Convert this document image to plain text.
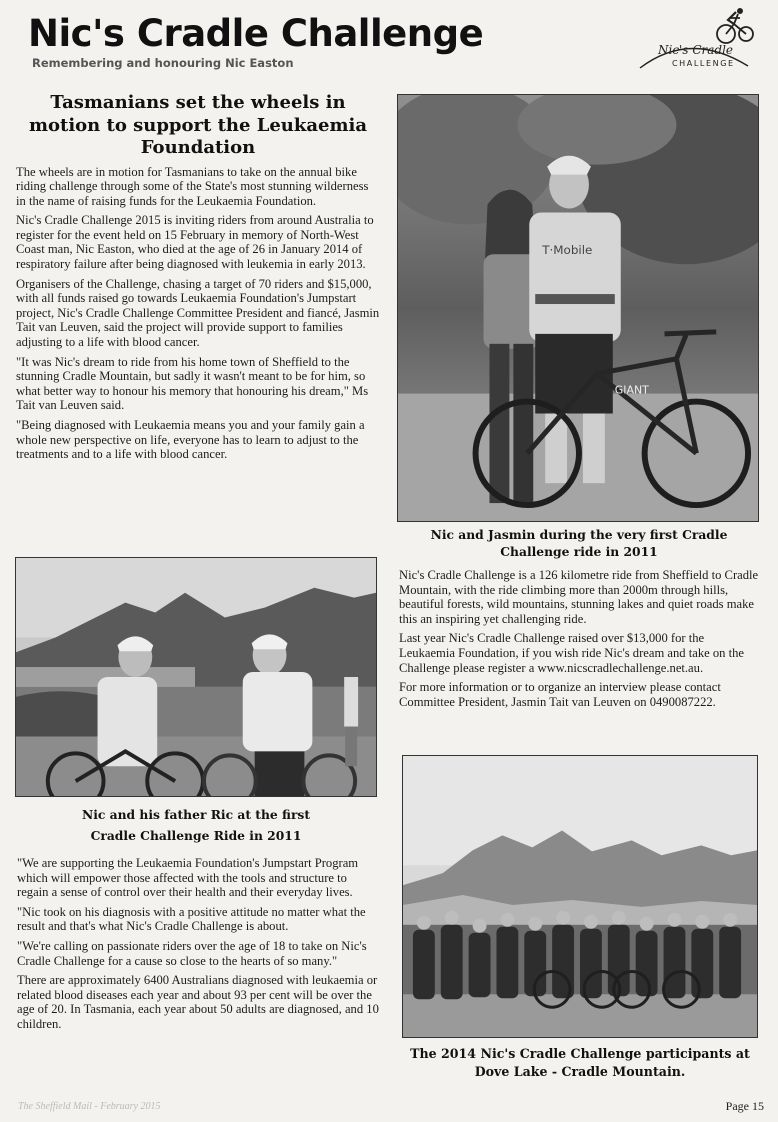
Nic's Cradle Challenge
Remembering and honouring Nic Easton
Nic's Cradle
CHALLENGE
Tasmanians set the wheels in motion to support the Leukaemia Foundation

The wheels are in motion for Tasmanians to take on the annual bike riding challenge through some of the State's most stunning wilderness in the name of raising funds for the Leukaemia Foundation.

Nic's Cradle Challenge 2015 is inviting riders from around Australia to register for the event held on 15 February in memory of North-West Coast man, Nic Easton, who died at the age of 26 in January 2014 of respiratory failure after being diagnosed with leukemia in early 2013.

Organisers of the Challenge, chasing a target of 70 riders and $15,000, with all funds raised go towards Leukaemia Foundation's Jumpstart project, Nic's Cradle Challenge Committee President and fiancé, Jasmin Tait van Leuven, said the project will provide support to families adjusting to a life with blood cancer.

"It was Nic's dream to ride from his home town of Sheffield to the stunning Cradle Mountain, but sadly it wasn't meant to be for him, so what better way to honour his memory that honouring his dream," Ms Tait van Leuven said.

"Being diagnosed with Leukaemia means you and your family gain a whole new perspective on life, everyone has to learn to adjust to the treatments and to a life with blood cancer.

T·Mobile
GIANT
Nic and Jasmin during the very first Cradle Challenge ride in 2011

Nic's Cradle Challenge is a 126 kilometre ride from Sheffield to Cradle Mountain, with the ride climbing more than 2000m through hills, beautiful forests, wild mountains, stunning lakes and quiet roads make this an inspiring yet challenging ride.

Last year Nic's Cradle Challenge raised over $13,000 for the Leukaemia Foundation, if you wish ride Nic's dream and take on the Challenge please register a www.nicscradlechallenge.net.au.

For more information or to organize an interview please contact Committee President, Jasmin Tait van Leuven on 0490087222.

Nic and his father Ric at the first Cradle Challenge Ride in 2011

"We are supporting the Leukaemia Foundation's Jumpstart Program which will empower those affected with the tools and structure to regain a sense of control over their health and their everyday lives.

"Nic took on his diagnosis with a positive attitude no matter what the result and that's what Nic's Cradle Challenge is about.

"We're calling on passionate riders over the age of 18 to take on Nic's Cradle Challenge for a cause so close to the hearts of so many."

There are approximately 6400 Australians diagnosed with leukaemia or related blood diseases each year and about 93 per cent will be over the age of 20. In Tasmania, each year about 50 adults are diagnosed, and 10 children.

The 2014 Nic's Cradle Challenge participants at Dove Lake - Cradle Mountain.
The Sheffield Mail - February 2015	Page 15
